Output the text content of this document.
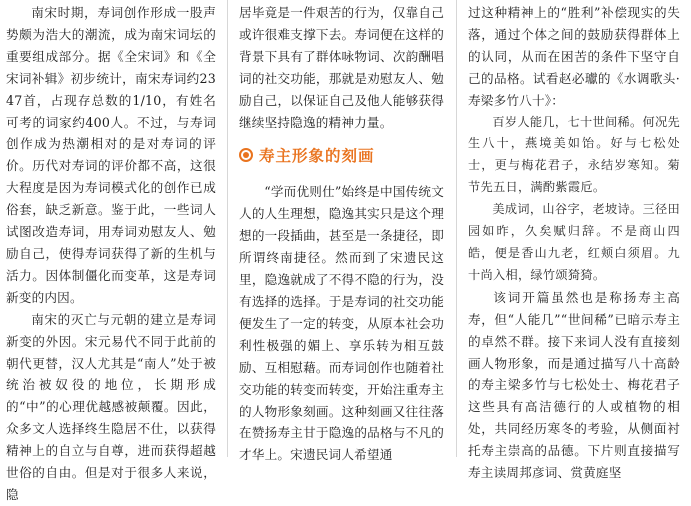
南宋时期，寿词创作形成一股声势颇为浩大的潮流，成为南宋词坛的重要组成部分。据《全宋词》和《全宋词补辑》初步统计，南宋寿词约2347首，占现存总数的1/10，有姓名可考的词家约400人。不过，与寿词创作成为热潮相对的是对寿词的评价。历代对寿词的评价都不高，这很大程度是因为寿词模式化的创作已成俗套，缺乏新意。鉴于此，一些词人试图改造寿词，用寿词劝慰友人、勉励自己，使得寿词获得了新的生机与活力。因体制僵化而变革，这是寿词新变的内因。

南宋的灭亡与元朝的建立是寿词新变的外因。宋元易代不同于此前的朝代更替，汉人尤其是“南人”处于被统治被奴役的地位，长期形成的“中”的心理优越感被颠覆。因此，众多文人选择终生隐居不仕，以获得精神上的自立与自尊，进而获得超越世俗的自由。但是对于很多人来说，隐

居毕竟是一件艰苦的行为，仅靠自己或许很难支撑下去。寿词便在这样的背景下具有了群体咏物词、次韵酬唱词的社交功能，那就是劝慰友人、勉励自己，以保证自己及他人能够获得继续坚持隐逸的精神力量。

寿主形象的刻画

“学而优则仕”始终是中国传统文人的人生理想，隐逸其实只是这个理想的一段插曲，甚至是一条捷径，即所谓终南捷径。然而到了宋遗民这里，隐逸就成了不得不隐的行为，没有选择的选择。于是寿词的社交功能便发生了一定的转变，从原本社会功利性极强的媚上、享乐转为相互鼓励、互相慰藉。而寿词创作也随着社交功能的转变而转变，开始注重寿主的人物形象刻画。这种刻画又往往落在赞扬寿主甘于隐逸的品格与不凡的才华上。宋遗民词人希望通

过这种精神上的“胜利”补偿现实的失落，通过个体之间的鼓励获得群体上的认同，从而在困苦的条件下坚守自己的品格。试看赵必瓛的《水调歌头·寿梁多竹八十》：

百岁人能几，七十世间稀。何况先生八十，燕境美如饴。好与七松处士，更与梅花君子，永结岁寒知。菊节先五日，满酌紫霞卮。

美成词，山谷字，老坡诗。三径田园如昨，久矣赋归辞。不是商山四皓，便是香山九老，红颊白须眉。九十尚入相，绿竹颂猗猗。

该词开篇虽然也是称扬寿主高寿，但“人能几”“世间稀”已暗示寿主的卓然不群。接下来词人没有直接刻画人物形象，而是通过描写八十高龄的寿主梁多竹与七松处士、梅花君子这些具有高洁德行的人或植物的相处，共同经历寒冬的考验，从侧面衬托寿主崇高的品德。下片则直接描写寿主读周邦彦词、赏黄庭坚
